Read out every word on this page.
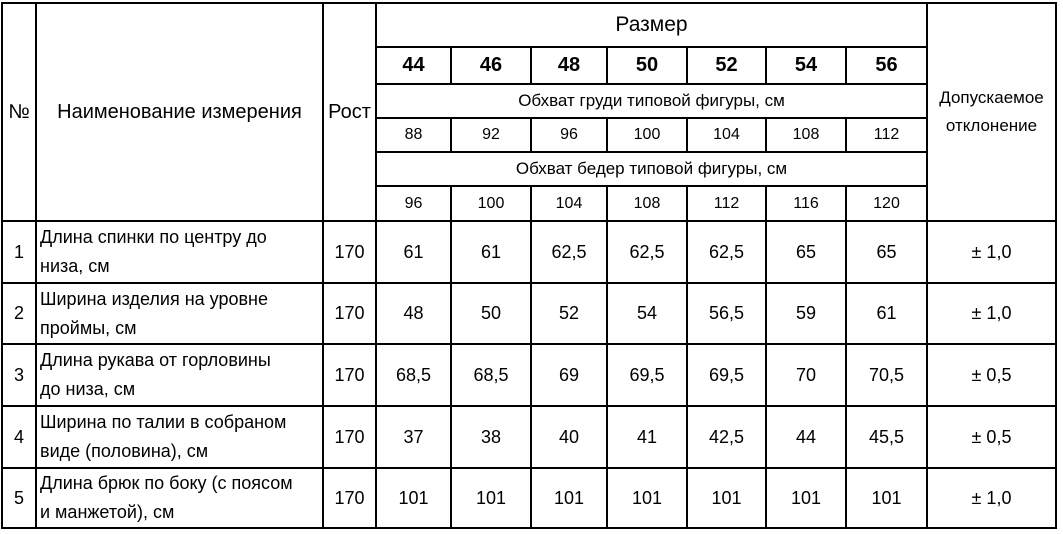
№	Наименование измерения	Рост	Размер							Допускаемое
отклонение

			44	46	48	50	52	54	56	
			Обхват груди типовой фигуры, см							
			88	92	96	100	104	108	112	
			Обхват бедер типовой фигуры, см							
			96	100	104	108	112	116	120	

1	Длина спинки по центру до
низа, см	170	61	61	62,5	62,5	62,5	65	65	± 1,0
2	Ширина изделия на уровне
проймы, см	170	48	50	52	54	56,5	59	61	± 1,0
3	Длина рукава от горловины
до низа, см	170	68,5	68,5	69	69,5	69,5	70	70,5	± 0,5
4	Ширина по талии в собраном
виде (половина), см	170	37	38	40	41	42,5	44	45,5	± 0,5
5	Длина брюк по боку (с поясом
и манжетой), см	170	101	101	101	101	101	101	101	± 1,0
